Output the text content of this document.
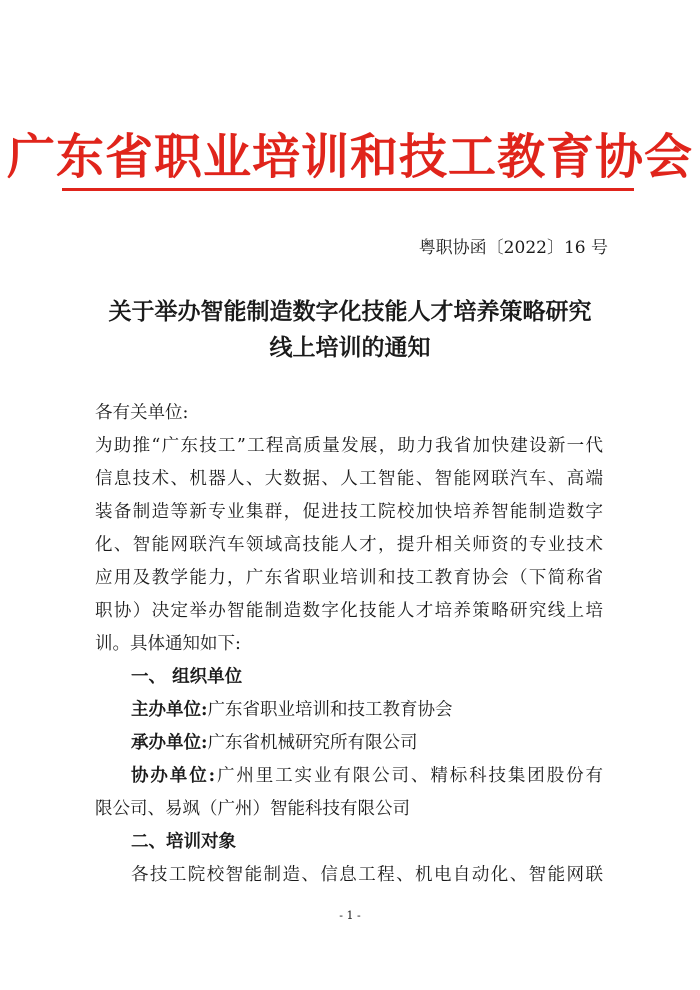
广东省职业培训和技工教育协会
粤职协函〔2022〕16 号
关于举办智能制造数字化技能人才培养策略研究
线上培训的通知
各有关单位:
为助推“广东技工”工程高质量发展，助力我省加快建设新一代
信息技术、机器人、大数据、人工智能、智能网联汽车、高端
装备制造等新专业集群，促进技工院校加快培养智能制造数字
化、智能网联汽车领域高技能人才，提升相关师资的专业技术
应用及教学能力，广东省职业培训和技工教育协会（下简称省
职协）决定举办智能制造数字化技能人才培养策略研究线上培
训。具体通知如下:
一、 组织单位
主办单位:广东省职业培训和技工教育协会
承办单位:广东省机械研究所有限公司
协办单位:广州里工实业有限公司、精标科技集团股份有
限公司、易飒（广州）智能科技有限公司
二、培训对象
各技工院校智能制造、信息工程、机电自动化、智能网联
- 1 -
